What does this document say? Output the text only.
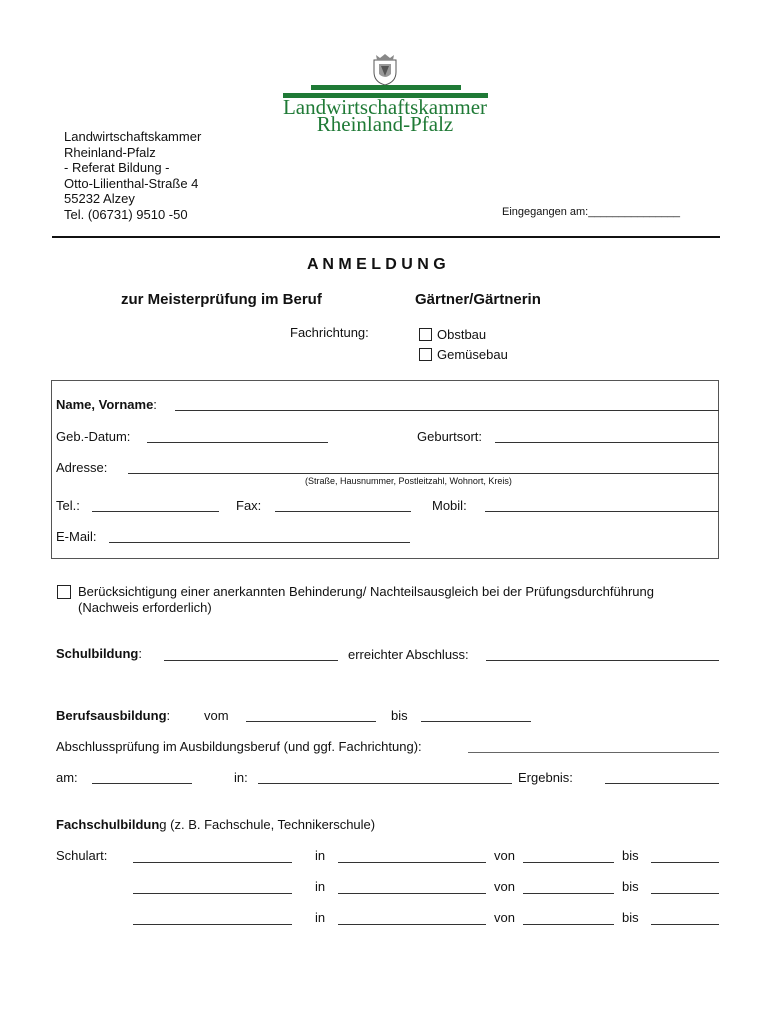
Landwirtschaftskammer
Rheinland-Pfalz
Landwirtschaftskammer
Rheinland-Pfalz
- Referat Bildung -
Otto-Lilienthal-Straße 4
55232 Alzey
Tel. (06731) 9510 -50	Eingegangen am:_______________
A N M E L D U N G
zur Meisterprüfung im Beruf	Gärtner/Gärtnerin
Fachrichtung:	Obstbau
Gemüsebau
Name, Vorname:
Geb.-Datum:	Geburtsort:
Adresse:
(Straße, Hausnummer, Postleitzahl, Wohnort, Kreis)
Tel.:	Fax:	Mobil:
E-Mail:
Berücksichtigung einer anerkannten Behinderung/ Nachteilsausgleich bei der Prüfungsdurchführung
(Nachweis erforderlich)
Schulbildung:	erreichter Abschluss:
Berufsausbildung:	vom	bis
Abschlussprüfung im Ausbildungsberuf (und ggf. Fachrichtung):
am:	in:	Ergebnis:
Fachschulbildung (z. B. Fachschule, Technikerschule)
Schulart:	in	von	bis
in	von	bis
in	von	bis
